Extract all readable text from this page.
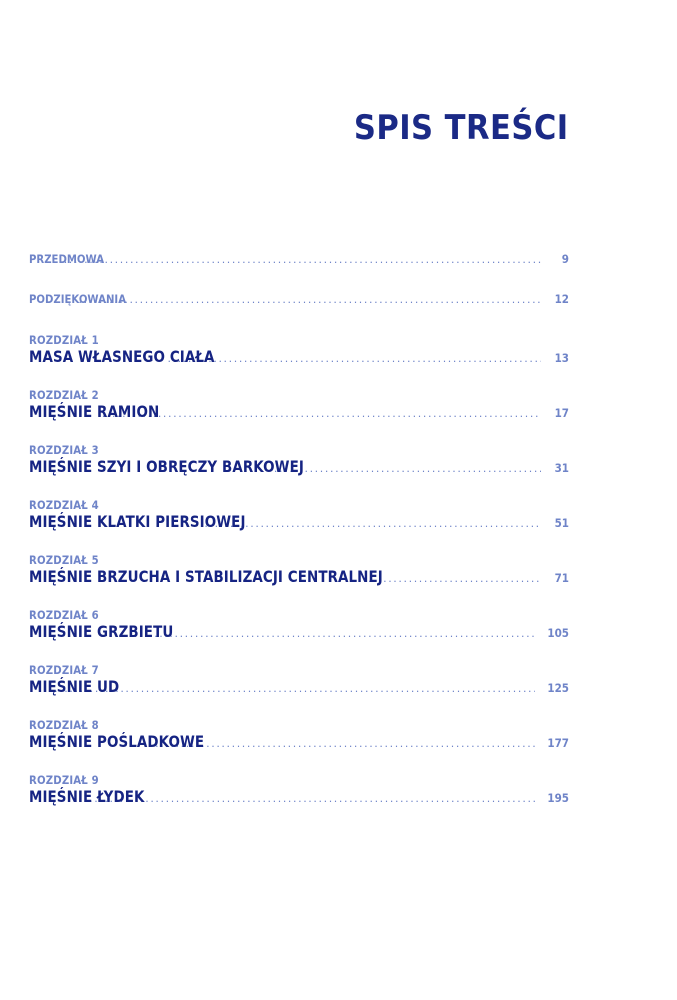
SPIS TREŚCI
PRZEDMOWA .....	9
PODZIĘKOWANIA .....	12
ROZDZIAŁ 1
MASA WŁASNEGO CIAŁA .....	13
ROZDZIAŁ 2
MIĘŚNIE RAMION .....	17
ROZDZIAŁ 3
MIĘŚNIE SZYI I OBRĘCZY BARKOWEJ .....	31
ROZDZIAŁ 4
MIĘŚNIE KLATKI PIERSIOWEJ .....	51
ROZDZIAŁ 5
MIĘŚNIE BRZUCHA I STABILIZACJI CENTRALNEJ .....	71
ROZDZIAŁ 6
MIĘŚNIE GRZBIETU .....	105
ROZDZIAŁ 7
MIĘŚNIE UD .....	125
ROZDZIAŁ 8
MIĘŚNIE POŚLADKOWE .....	177
ROZDZIAŁ 9
MIĘŚNIE ŁYDEK .....	195
